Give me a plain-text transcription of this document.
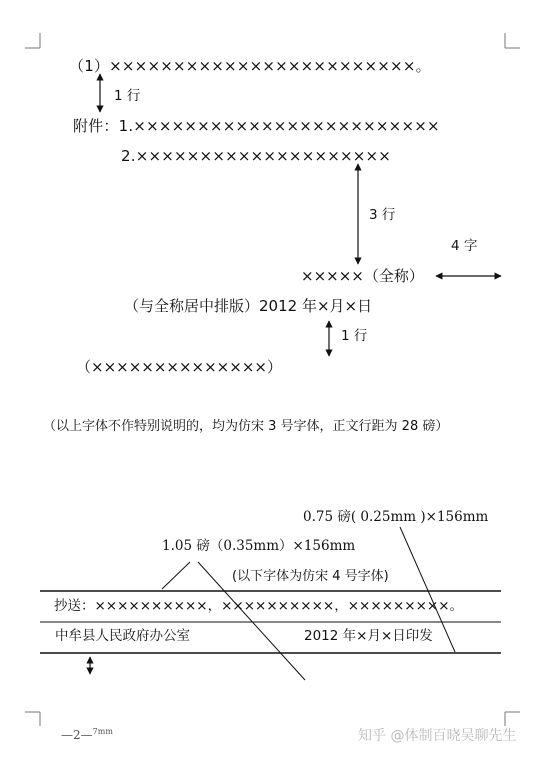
（1）××××××××××××××××××××××××。
1 行
附件：1.××××××××××××××××××××××××
2.××××××××××××××××××××
3 行
4 字
×××××（全称）
（与全称居中排版）2012 年×月×日
1 行
（××××××××××××××）
（以上字体不作特别说明的，均为仿宋 3 号字体，正文行距为 28 磅）
0.75 磅( 0.25mm )×156mm
1.05 磅（0.35mm）×156mm
(以下字体为仿宋 4 号字体)
抄送：××××××××××，××××××××××，×××××××××。
中牟县人民政府办公室	2012 年×月×日印发
—2—$^{7mm}$	知乎 @体制百晓吴聊先生
